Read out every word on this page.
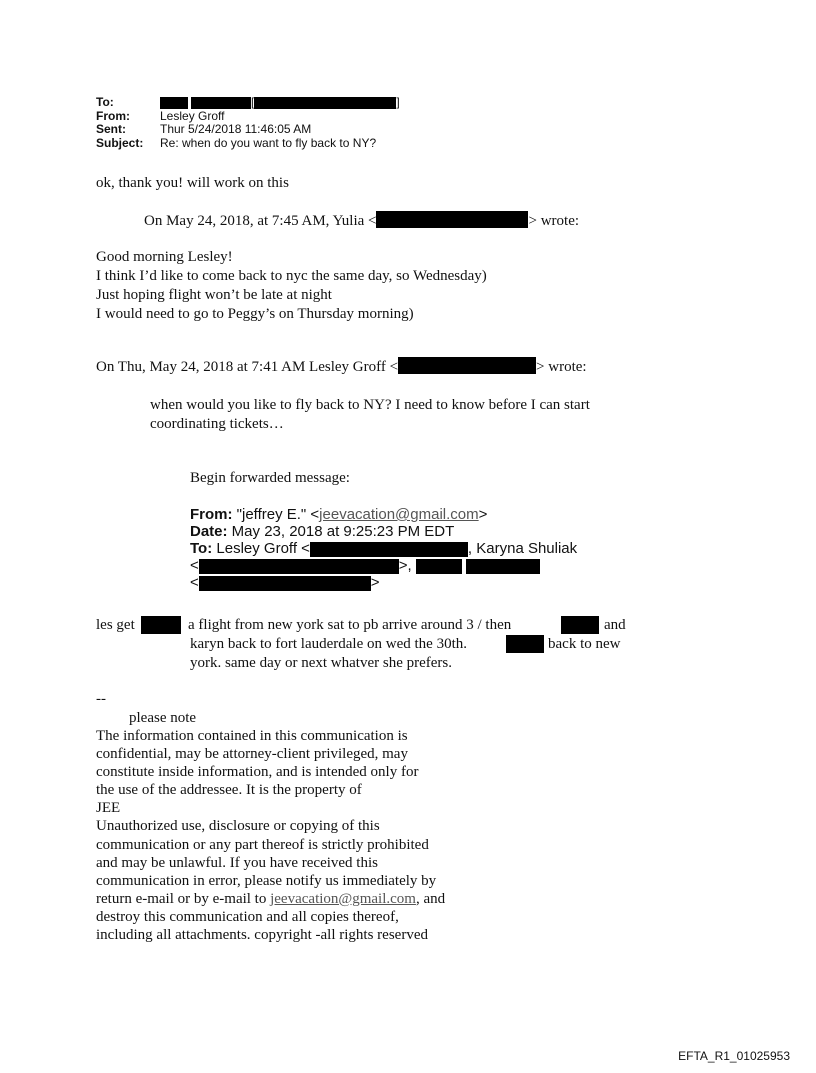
To:	[	]
From:	Lesley Groff
Sent:	Thur 5/24/2018 11:46:05 AM
Subject:	Re: when do you want to fly back to NY?
ok, thank you! will work on this
On May 24, 2018, at 7:45 AM, Yulia <	> wrote:
Good morning Lesley!
I think I’d like to come back to nyc the same day, so Wednesday)
Just hoping flight won’t be late at night
I would need to go to Peggy’s on Thursday morning)
On Thu, May 24, 2018 at 7:41 AM Lesley Groff <	> wrote:
when would you like to fly back to NY? I need to know before I can start
coordinating tickets…
Begin forwarded message:
From: "jeffrey E." <jeevacation@gmail.com>
Date: May 23, 2018 at 9:25:23 PM EDT
To: Lesley Groff <	, Karyna Shuliak
<	>,
<	>
les get	a flight from new york sat to pb arrive around 3 / then	and
karyn back to fort lauderdale on wed the 30th.	back to new
york. same day or next whatver she prefers.
--
please note
The information contained in this communication is
confidential, may be attorney-client privileged, may
constitute inside information, and is intended only for
the use of the addressee. It is the property of
JEE
Unauthorized use, disclosure or copying of this
communication or any part thereof is strictly prohibited
and may be unlawful. If you have received this
communication in error, please notify us immediately by
return e-mail or by e-mail to jeevacation@gmail.com, and
destroy this communication and all copies thereof,
including all attachments. copyright -all rights reserved
EFTA_R1_01025953
